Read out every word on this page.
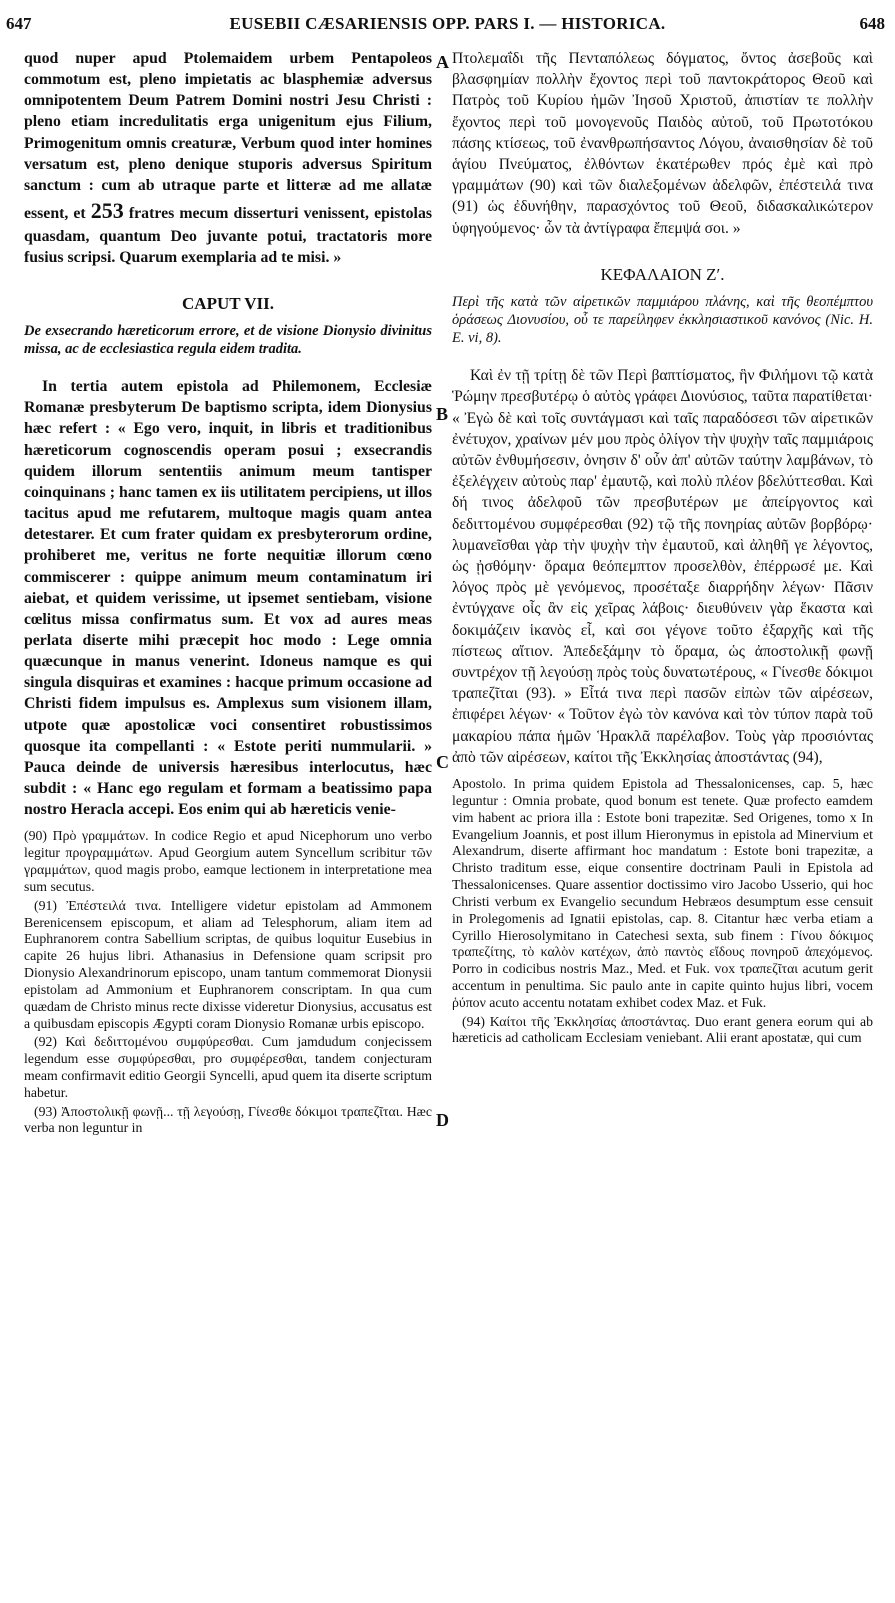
647	EUSEBII CÆSARIENSIS OPP. PARS I. — HISTORICA.	648
A
B
C
D

quod nuper apud Ptolemaidem urbem Pentapoleos commotum est, pleno impietatis ac blasphemiæ adversus omnipotentem Deum Patrem Domini nostri Jesu Christi : pleno etiam incredulitatis erga unigenitum ejus Filium, Primogenitum omnis creaturæ, Verbum quod inter homines versatum est, pleno denique stuporis adversus Spiritum sanctum : cum ab utraque parte et litteræ ad me allatæ essent, et 253 fratres mecum disserturi venissent, epistolas quasdam, quantum Deo juvante potui, tractatoris more fusius scripsi. Quarum exemplaria ad te misi. »

CAPUT VII.

De exsecrando hæreticorum errore, et de visione Dionysio divinitus missa, ac de ecclesiastica regula eidem tradita.

In tertia autem epistola ad Philemonem, Ecclesiæ Romanæ presbyterum De baptismo scripta, idem Dionysius hæc refert : « Ego vero, inquit, in libris et traditionibus hæreticorum cognoscendis operam posui ; exsecrandis quidem illorum sententiis animum meum tantisper coinquinans ; hanc tamen ex iis utilitatem percipiens, ut illos tacitus apud me refutarem, multoque magis quam antea detestarer. Et cum frater quidam ex presbyterorum ordine, prohiberet me, veritus ne forte nequitiæ illorum cœno commiscerer : quippe animum meum contaminatum iri aiebat, et quidem verissime, ut ipsemet sentiebam, visione cœlitus missa confirmatus sum. Et vox ad aures meas perlata diserte mihi præcepit hoc modo : Lege omnia quæcunque in manus venerint. Idoneus namque es qui singula disquiras et examines : hacque primum occasione ad Christi fidem impulsus es. Amplexus sum visionem illam, utpote quæ apostolicæ voci consentiret robustissimos quosque ita compellanti : « Estote periti nummularii. » Pauca deinde de universis hæresibus interlocutus, hæc subdit : « Hanc ego regulam et formam a beatissimo papa nostro Heracla accepi. Eos enim qui ab hæreticis venie-

(90) Πρὸ γραμμάτων. In codice Regio et apud Nicephorum uno verbo legitur προγραμμάτων. Apud Georgium autem Syncellum scribitur τῶν γραμμάτων, quod magis probo, eamque lectionem in interpretatione mea sum secutus.

(91) Ἐπέστειλά τινα. Intelligere videtur epistolam ad Ammonem Berenicensem episcopum, et aliam ad Telesphorum, aliam item ad Euphranorem contra Sabellium scriptas, de quibus loquitur Eusebius in capite 26 hujus libri. Athanasius in Defensione quam scripsit pro Dionysio Alexandrinorum episcopo, unam tantum commemorat Dionysii epistolam ad Ammonium et Euphranorem conscriptam. In qua cum quædam de Christo minus recte dixisse videretur Dionysius, accusatus est a quibusdam episcopis Ægypti coram Dionysio Romanæ urbis episcopo.

(92) Καὶ δεδιττομένου συμφύρεσθαι. Cum jamdudum conjecissem legendum esse συμφύρεσθαι, pro συμφέρεσθαι, tandem conjecturam meam confirmavit editio Georgii Syncelli, apud quem ita diserte scriptum habetur.

(93) Ἀποστολικῇ φωνῇ... τῇ λεγούσῃ, Γίνεσθε δόκιμοι τραπεζῖται. Hæc verba non leguntur in

Πτολεμαΐδι τῆς Πενταπόλεως δόγματος, ὄντος ἀσεβοῦς καὶ βλασφημίαν πολλὴν ἔχοντος περὶ τοῦ παντοκράτορος Θεοῦ καὶ Πατρὸς τοῦ Κυρίου ἡμῶν Ἰησοῦ Χριστοῦ, ἀπιστίαν τε πολλὴν ἔχοντος περὶ τοῦ μονογενοῦς Παιδὸς αὐτοῦ, τοῦ Πρωτοτόκου πάσης κτίσεως, τοῦ ἐνανθρωπήσαντος Λόγου, ἀναισθησίαν δὲ τοῦ ἁγίου Πνεύματος, ἐλθόντων ἑκατέρωθεν πρός ἐμὲ καὶ πρὸ γραμμάτων (90) καὶ τῶν διαλεξομένων ἀδελφῶν, ἐπέστειλά τινα (91) ὡς ἐδυνήθην, παρασχόντος τοῦ Θεοῦ, διδασκαλικώτερον ὑφηγούμενος· ὧν τὰ ἀντίγραφα ἔπεμψά σοι. »

ΚΕΦΑΛΑΙΟΝ Ζʹ.

Περὶ τῆς κατὰ τῶν αἱρετικῶν παμμιάρου πλάνης, καὶ τῆς θεοπέμπτου ὁράσεως Διονυσίου, οὗ τε παρείληφεν ἐκκλησιαστικοῦ κανόνος (Nic. H. E. vi, 8).

Καὶ ἐν τῇ τρίτῃ δὲ τῶν Περὶ βαπτίσματος, ἣν Φιλήμονι τῷ κατὰ Ῥώμην πρεσβυτέρῳ ὁ αὐτὸς γράφει Διονύσιος, ταῦτα παρατίθεται· « Ἐγὼ δὲ καὶ τοῖς συντάγμασι καὶ ταῖς παραδόσεσι τῶν αἱρετικῶν ἐνέτυχον, χραίνων μέν μου πρὸς ὀλίγον τὴν ψυχὴν ταῖς παμμιάροις αὐτῶν ἐνθυμήσεσιν, ὀνησιν δ' οὖν ἀπ' αὐτῶν ταύτην λαμβάνων, τὸ ἐξελέγχειν αὐτοὺς παρ' ἐμαυτῷ, καὶ πολὺ πλέον βδελύττεσθαι. Καὶ δή τινος ἀδελφοῦ τῶν πρεσβυτέρων με ἀπείργοντος καὶ δεδιττομένου συμφέρεσθαι (92) τῷ τῆς πονηρίας αὐτῶν βορβόρῳ· λυμανεῖσθαι γὰρ τὴν ψυχὴν τὴν ἐμαυτοῦ, καὶ ἀληθῆ γε λέγοντος, ὡς ᾐσθόμην· ὅραμα θεόπεμπτον προσελθὸν, ἐπέρρωσέ με. Καὶ λόγος πρὸς μὲ γενόμενος, προσέταξε διαρρήδην λέγων· Πᾶσιν ἐντύγχανε οἷς ἂν εἰς χεῖρας λάβοις· διευθύνειν γὰρ ἕκαστα καὶ δοκιμάζειν ἱκανὸς εἶ, καὶ σοι γέγονε τοῦτο ἐξαρχῆς καὶ τῆς πίστεως αἴτιον. Ἀπεδεξάμην τὸ ὅραμα, ὡς ἀποστολικῇ φωνῇ συντρέχον τῇ λεγούσῃ πρὸς τοὺς δυνατωτέρους, « Γίνεσθε δόκιμοι τραπεζῖται (93). » Εἶτά τινα περὶ πασῶν εἰπὼν τῶν αἱρέσεων, ἐπιφέρει λέγων· « Τοῦτον ἐγὼ τὸν κανόνα καὶ τὸν τύπον παρὰ τοῦ μακαρίου πάπα ἡμῶν Ἡρακλᾶ παρέλαβον. Τοὺς γὰρ προσιόντας ἀπὸ τῶν αἱρέσεων, καίτοι τῆς Ἐκκλησίας ἀποστάντας (94),

Apostolo. In prima quidem Epistola ad Thessalonicenses, cap. 5, hæc leguntur : Omnia probate, quod bonum est tenete. Quæ profecto eamdem vim habent ac priora illa : Estote boni trapezitæ. Sed Origenes, tomo x In Evangelium Joannis, et post illum Hieronymus in epistola ad Minervium et Alexandrum, diserte affirmant hoc mandatum : Estote boni trapezitæ, a Christo traditum esse, eique consentire doctrinam Pauli in Epistola ad Thessalonicenses. Quare assentior doctissimo viro Jacobo Usserio, qui hoc Christi verbum ex Evangelio secundum Hebræos desumptum esse censuit in Prolegomenis ad Ignatii epistolas, cap. 8. Citantur hæc verba etiam a Cyrillo Hierosolymitano in Catechesi sexta, sub finem : Γίνου δόκιμος τραπεζίτης, τὸ καλὸν κατέχων, ἀπὸ παντὸς εἴδους πονηροῦ ἀπεχόμενος. Porro in codicibus nostris Maz., Med. et Fuk. vox τραπεζῖται acutum gerit accentum in penultima. Sic paulo ante in capite quinto hujus libri, vocem ῥύπον acuto accentu notatam exhibet codex Maz. et Fuk.

(94) Καίτοι τῆς Ἐκκλησίας ἀποστάντας. Duo erant genera eorum qui ab hæreticis ad catholicam Ecclesiam veniebant. Alii erant apostatæ, qui cum
